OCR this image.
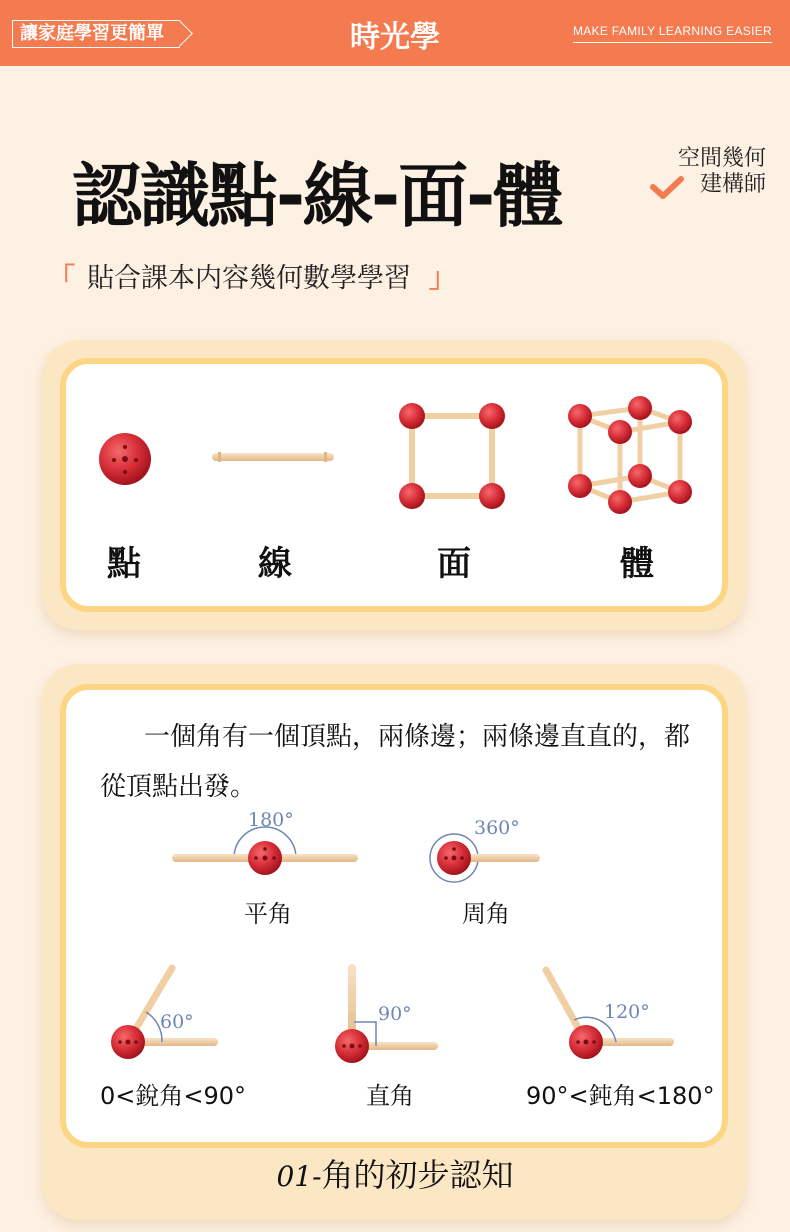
讓家庭學習更簡單	時光學	MAKE FAMILY LEARNING EASIER
認識點-線-面-體	空間幾何
建構師
「 貼合課本内容幾何數學學習 」
點	線	面	體
一個角有一個頂點，兩條邊；兩條邊直直的，都
從頂點出發。
180°
平角
360°
周角
60°
0<銳角<90°
90°
直角
120°
90°<鈍角<180°
01-角的初步認知
